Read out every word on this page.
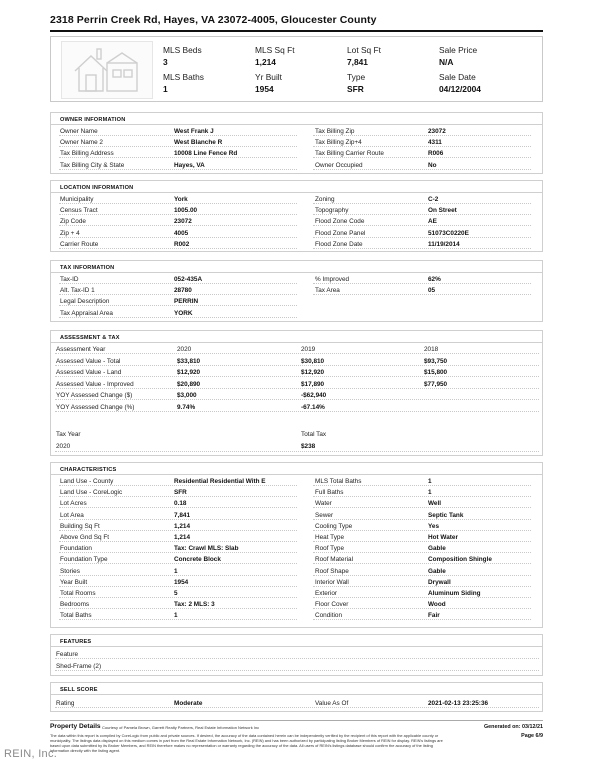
2318 Perrin Creek Rd, Hayes, VA 23072-4005, Gloucester County
MLS Beds
3
MLS Sq Ft
1,214
Lot Sq Ft
7,841
Sale Price
N/A
MLS Baths
1
Yr Built
1954
Type
SFR
Sale Date
04/12/2004
OWNER INFORMATION
Owner Name	West Frank J	Tax Billing Zip	23072
Owner Name 2	West Blanche R	Tax Billing Zip+4	4311
Tax Billing Address	10008 Line Fence Rd	Tax Billing Carrier Route	R006
Tax Billing City & State	Hayes, VA	Owner Occupied	No
LOCATION INFORMATION
Municipality	York	Zoning	C-2
Census Tract	1005.00	Topography	On Street
Zip Code	23072	Flood Zone Code	AE
Zip + 4	4005	Flood Zone Panel	51073C0220E
Carrier Route	R002	Flood Zone Date	11/19/2014
TAX INFORMATION
Tax-ID	052-435A	% Improved	62%
Alt. Tax-ID 1	28780	Tax Area	05
Legal Description	PERRIN
Tax Appraisal Area	YORK
ASSESSMENT & TAX
Assessment Year	2020	2019	2018
Assessed Value - Total	$33,810	$30,810	$93,750
Assessed Value - Land	$12,920	$12,920	$15,800
Assessed Value - Improved	$20,890	$17,890	$77,950
YOY Assessed Change ($)	$3,000	-$62,940
YOY Assessed Change (%)	9.74%	-67.14%
Tax Year	Total Tax
2020	$238
CHARACTERISTICS
Land Use - County	Residential Residential With E	MLS Total Baths	1
Land Use - CoreLogic	SFR	Full Baths	1
Lot Acres	0.18	Water	Well
Lot Area	7,841	Sewer	Septic Tank
Building Sq Ft	1,214	Cooling Type	Yes
Above Gnd Sq Ft	1,214	Heat Type	Hot Water
Foundation	Tax: Crawl MLS: Slab	Roof Type	Gable
Foundation Type	Concrete Block	Roof Material	Composition Shingle
Stories	1	Roof Shape	Gable
Year Built	1954	Interior Wall	Drywall
Total Rooms	5	Exterior	Aluminum Siding
Bedrooms	Tax: 2 MLS: 3	Floor Cover	Wood
Total Baths	1	Condition	Fair
FEATURES
Feature
Shed-Frame (2)
SELL SCORE
Rating	Moderate	Value As Of	2021-02-13 23:25:36
Property Details Courtesy of Pamela Brown, Garrett Realty Partners, Real Estate Information Network Inc	Generated on: 03/12/21
Page 6/9
The data within this report is compiled by CoreLogic from public and private sources. If desired, the accuracy of the data contained herein can be independently verified by the recipient of this report with the applicable county or municipality. The listings data displayed on this medium comes in part from the Real Estate Information Network, Inc. (REIN) and has been authorized by participating listing Broker Members of REIN for display. REIN's listings are based upon data submitted by its Broker Members, and REIN therefore makes no representation or warranty regarding the accuracy of the data. All users of REIN's listings database should confirm the accuracy of the listing information directly with the listing agent.
REIN, Inc.
